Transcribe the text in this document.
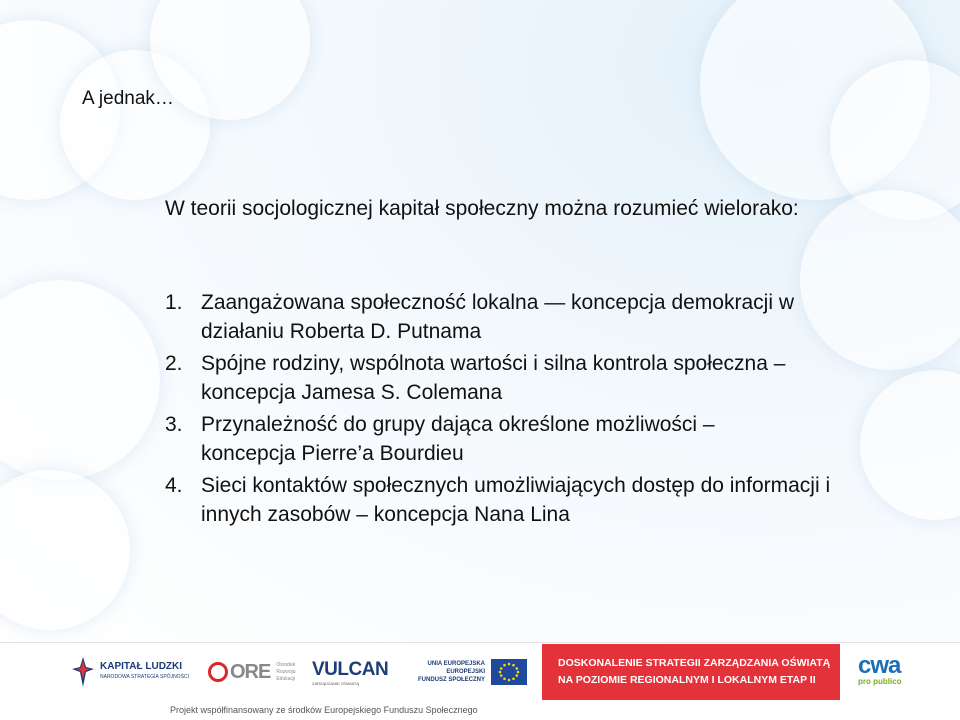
A jednak…
W teorii socjologicznej kapitał społeczny można rozumieć wielorako:
1. Zaangażowana społeczność lokalna — koncepcja demokracji w działaniu Roberta D. Putnama
2. Spójne rodziny, wspólnota wartości i silna kontrola społeczna – koncepcja Jamesa S. Colemana
3. Przynależność do grupy dająca określone możliwości – koncepcja Pierre’a Bourdieu
4. Sieci kontaktów społecznych umożliwiających dostęp do informacji i innych zasobów – koncepcja Nana Lina
KAPITAŁ LUDZKI
NARODOWA STRATEGIA SPÓJNOŚCI ORE Ośrodek
Rozwoju
Edukacji VULCAN
ZARZĄDZANIE OŚWIATĄ
UNIA EUROPEJSKA
EUROPEJSKI
FUNDUSZ SPOŁECZNY
DOSKONALENIE STRATEGII ZARZĄDZANIA OŚWIATĄ
NA POZIOMIE REGIONALNYM I LOKALNYM ETAP II
cwa
pro publico
Projekt współfinansowany ze środków Europejskiego Funduszu Społecznego
